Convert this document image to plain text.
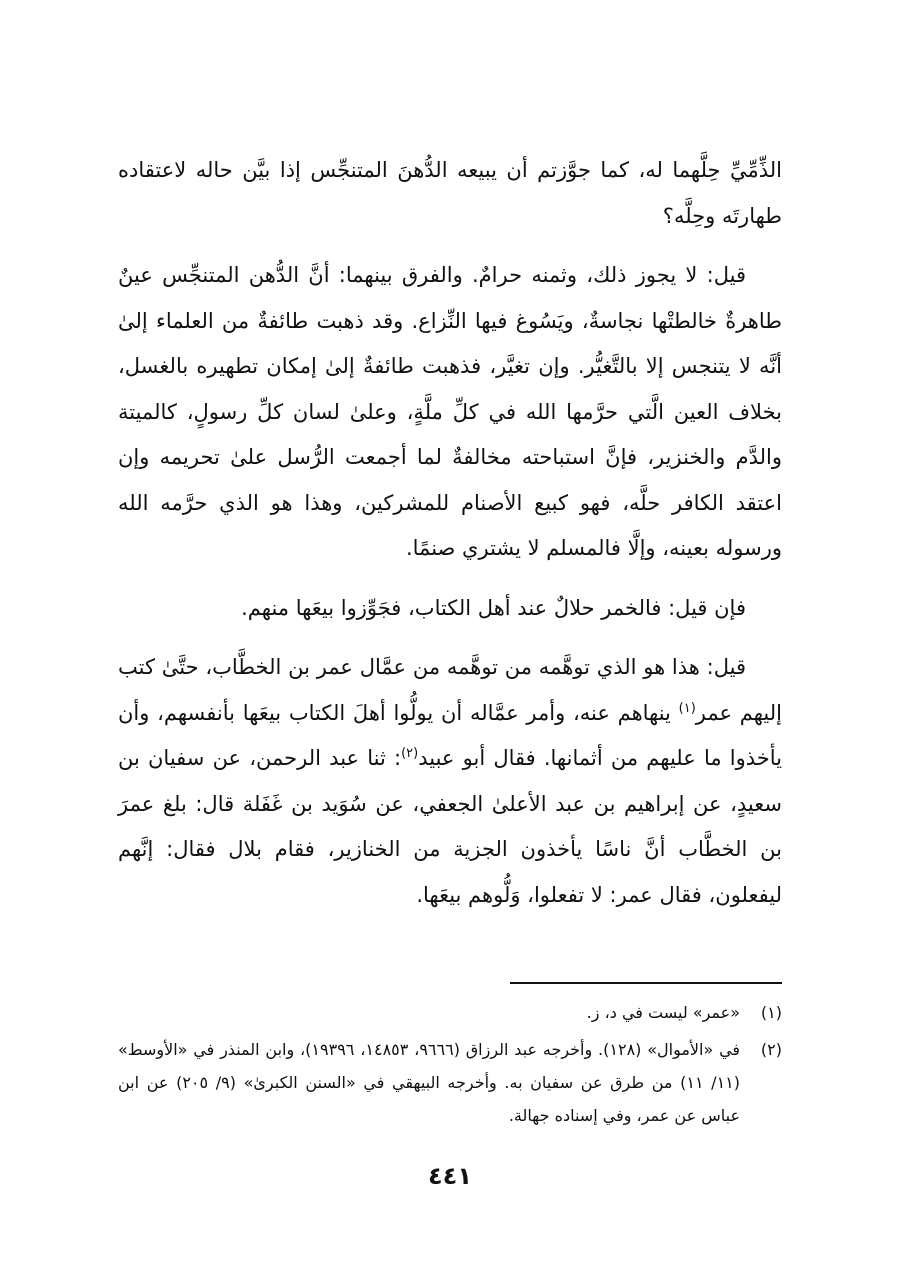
الذِّمِّيِّ حِلَّهما له، كما جوَّزتم أن يبيعه الدُّهنَ المتنجِّس إذا بيَّن حاله لاعتقاده طهارتَه وحِلَّه؟

قيل: لا يجوز ذلك، وثمنه حرامٌ. والفرق بينهما: أنَّ الدُّهن المتنجِّس عينٌ طاهرةٌ خالطتْها نجاسةٌ، ويَسُوغ فيها النِّزاع. وقد ذهبت طائفةٌ من العلماء إلىٰ أنَّه لا يتنجس إلا بالتَّغيُّر. وإن تغيَّر، فذهبت طائفةٌ إلىٰ إمكان تطهيره بالغسل، بخلاف العين الَّتي حرَّمها الله في كلِّ ملَّةٍ، وعلىٰ لسان كلِّ رسولٍ، كالميتة والدَّم والخنزير، فإنَّ استباحته مخالفةٌ لما أجمعت الرُّسل علىٰ تحريمه وإن اعتقد الكافر حلَّه، فهو كبيع الأصنام للمشركين، وهذا هو الذي حرَّمه الله ورسوله بعينه، وإلَّا فالمسلم لا يشتري صنمًا.

فإن قيل: فالخمر حلالٌ عند أهل الكتاب، فجَوِّزوا بيعَها منهم.

قيل: هذا هو الذي توهَّمه من توهَّمه من عمَّال عمر بن الخطَّاب، حتَّىٰ كتب إليهم عمر$^{(١)}$ ينهاهم عنه، وأمر عمَّاله أن يولُّوا أهلَ الكتاب بيعَها بأنفسهم، وأن يأخذوا ما عليهم من أثمانها. فقال أبو عبيد$^{(٢)}$: ثنا عبد الرحمن، عن سفيان بن سعيدٍ، عن إبراهيم بن عبد الأعلىٰ الجعفي، عن سُوَيد بن غَفَلة قال: بلغ عمرَ بن الخطَّاب أنَّ ناسًا يأخذون الجزية من الخنازير، فقام بلال فقال: إنَّهم ليفعلون، فقال عمر: لا تفعلوا، وَلُّوهم بيعَها.

(١)
«عمر» ليست في د، ز.
(٢)
في «الأموال» (١٢٨). وأخرجه عبد الرزاق (٩٦٦٦، ١٤٨٥٣، ١٩٣٩٦)، وابن المنذر في «الأوسط» (١١/ ١١) من طرق عن سفيان به. وأخرجه البيهقي في «السنن الكبرىٰ» (٩/ ٢٠٥) عن ابن عباس عن عمر، وفي إسناده جهالة.
٤٤١
